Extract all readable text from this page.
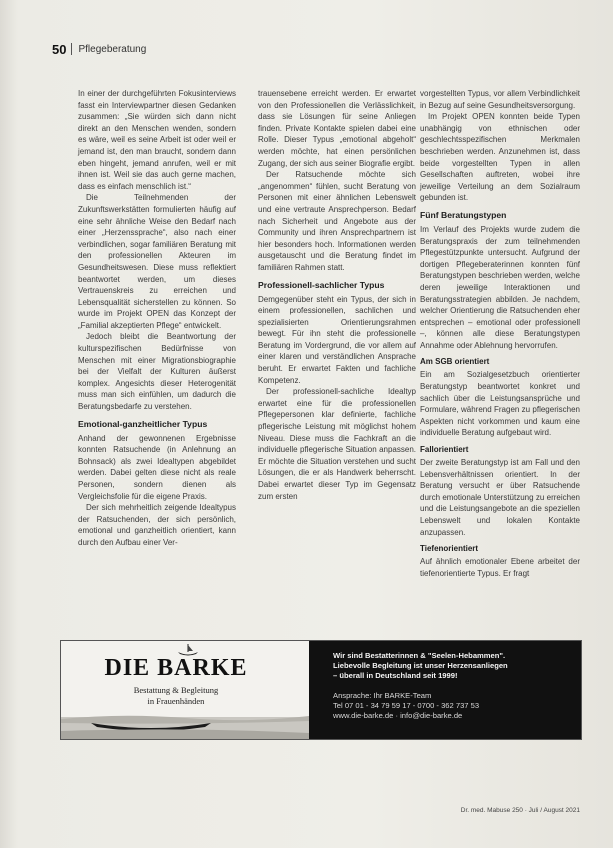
50 Pflegeberatung

In einer der durchgeführten Fokusinterviews fasst ein Interviewpartner diesen Gedanken zusammen: „Sie würden sich dann nicht direkt an den Menschen wenden, sondern es wäre, weil es seine Arbeit ist oder weil er jemand ist, den man braucht, sondern dann eben hingeht, jemand anrufen, weil er mit ihnen ist. Weil sie das auch gerne machen, dass es einfach menschlich ist.“

Die Teilnehmenden der Zukunftswerkstätten formulierten häufig auf eine sehr ähnliche Weise den Bedarf nach einer „Herzenssprache“, also nach einer verbindlichen, sogar familiären Beratung mit den professionellen Akteuren im Gesundheitswesen. Diese muss reflektiert beantwortet werden, um dieses Vertrauenskreis zu erreichen und Lebensqualität sicherstellen zu können. So wurde im Projekt OPEN das Konzept der „Familial akzeptierten Pflege“ entwickelt.

Jedoch bleibt die Beantwortung der kulturspezifischen Bedürfnisse von Menschen mit einer Migrationsbiographie bei der Vielfalt der Kulturen äußerst komplex. Angesichts dieser Heterogenität muss man sich einfühlen, um dadurch die Beratungsbedarfe zu verstehen.

Emotional-ganzheitlicher Typus

Anhand der gewonnenen Ergebnisse konnten Ratsuchende (in Anlehnung an Bohnsack) als zwei Idealtypen abgebildet werden. Dabei gelten diese nicht als reale Personen, sondern dienen als Vergleichsfolie für die eigene Praxis.

Der sich mehrheitlich zeigende Idealtypus der Ratsuchenden, der sich persönlich, emotional und ganzheitlich orientiert, kann durch den Aufbau einer Ver-

trauensebene erreicht werden. Er erwartet von den Professionellen die Verlässlichkeit, dass sie Lösungen für seine Anliegen finden. Private Kontakte spielen dabei eine Rolle. Dieser Typus „emotional abgeholt“ werden möchte, hat einen persönlichen Zugang, der sich aus seiner Biografie ergibt.

Der Ratsuchende möchte sich „angenommen“ fühlen, sucht Beratung von Personen mit einer ähnlichen Lebenswelt und eine vertraute Ansprechperson. Bedarf nach Sicherheit und Angebote aus der Community und ihren Ansprechpartnern ist hier besonders hoch. Informationen werden ausgetauscht und die Beratung findet im familiären Rahmen statt.

Professionell-sachlicher Typus

Demgegenüber steht ein Typus, der sich in einem professionellen, sachlichen und spezialisierten Orientierungsrahmen bewegt. Für ihn steht die professionelle Beratung im Vordergrund, die vor allem auf einer klaren und verständlichen Ansprache beruht. Er erwartet Fakten und fachliche Kompetenz.

Der professionell-sachliche Idealtyp erwartet eine für die professionellen Pflegepersonen klar definierte, fachliche pflegerische Leistung mit möglichst hohem Niveau. Diese muss die Fachkraft an die individuelle pflegerische Situation anpassen. Er möchte die Situation verstehen und sucht Lösungen, die er als Handwerk beherrscht. Dabei erwartet dieser Typ im Gegensatz zum ersten

vorgestellten Typus, vor allem Verbindlichkeit in Bezug auf seine Gesundheitsversorgung.

Im Projekt OPEN konnten beide Typen unabhängig von ethnischen oder geschlechtsspezifischen Merkmalen beschrieben werden. Anzunehmen ist, dass beide vorgestellten Typen in allen Gesellschaften auftreten, wobei ihre jeweilige Verteilung an dem Sozialraum gebunden ist.

Fünf Beratungstypen

Im Verlauf des Projekts wurde zudem die Beratungspraxis der zum teilnehmenden Pflegestützpunkte untersucht. Aufgrund der dortigen Pflegeberaterinnen konnten fünf Beratungstypen beschrieben werden, welche deren jeweilige Interaktionen und Beratungsstrategien abbilden. Je nachdem, welcher Orientierung die Ratsuchenden eher entsprechen – emotional oder professionell –, können alle diese Beratungstypen Annahme oder Ablehnung hervorrufen.

Am SGB orientiert

Ein am Sozialgesetzbuch orientierter Beratungstyp beantwortet konkret und sachlich über die Leistungsansprüche und Formulare, während Fragen zu pflegerischen Aspekten nicht vorkommen und kaum eine individuelle Beratung aufgebaut wird.

Fallorientiert

Der zweite Beratungstyp ist am Fall und den Lebensverhältnissen orientiert. In der Beratung versucht er über Ratsuchende durch emotionale Unterstützung zu erreichen und die Leistungsangebote an die speziellen Lebenswelt und lokalen Kontakte anzupassen.

Tiefenorientiert

Auf ähnlich emotionaler Ebene arbeitet der tiefenorientierte Typus. Er fragt

DIE BARKE
Bestattung & Begleitung
in Frauenhänden

Wir sind Bestatterinnen & "Seelen-Hebammen".

Liebevolle Begleitung ist unser Herzensanliegen

– überall in Deutschland seit 1999!

Ansprache: Ihr BARKE-Team

Tel 07 01 - 34 79 59 17 - 0700 - 362 737 53

www.die-barke.de · info@die-barke.de

Dr. med. Mabuse 250 · Juli / August 2021
